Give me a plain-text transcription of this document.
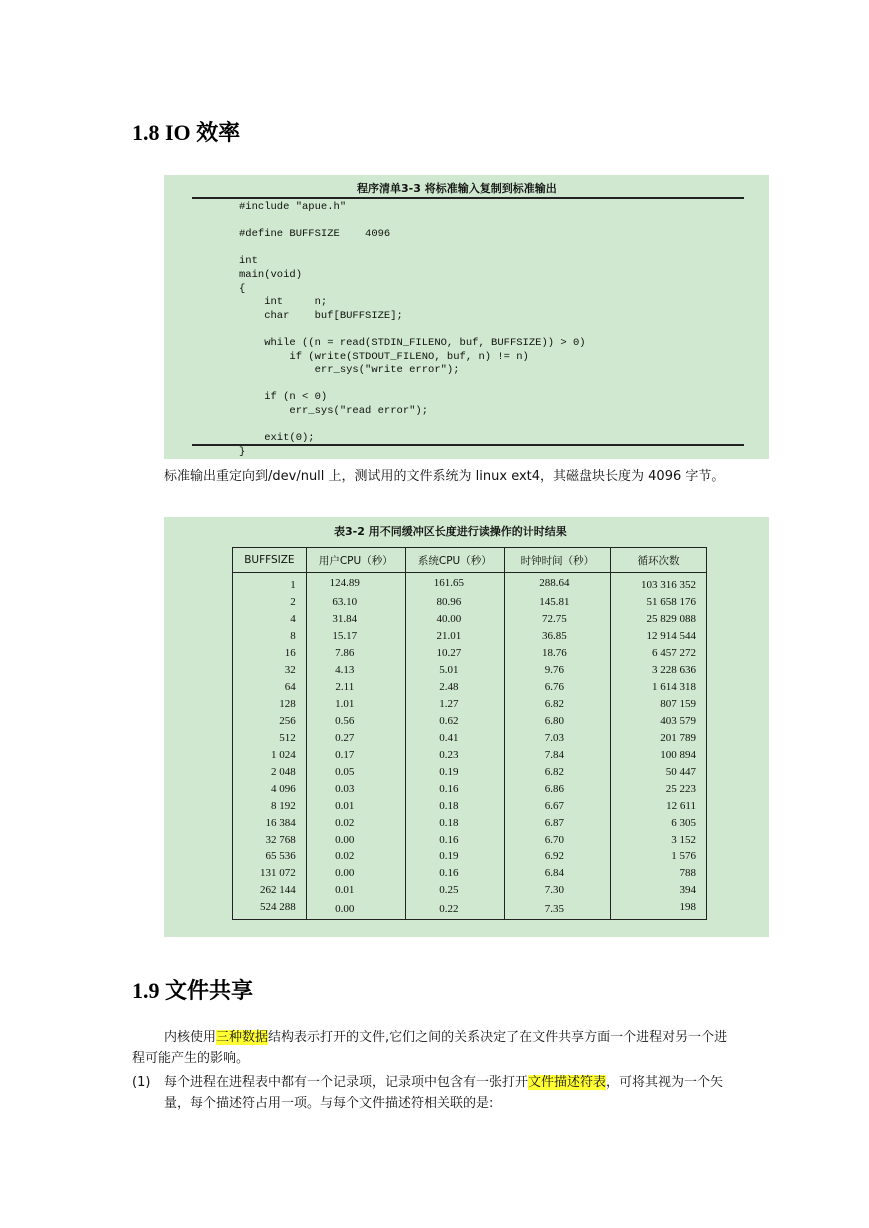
1.8 IO 效率
程序清单3-3 将标准输入复制到标准输出
#include "apue.h"
#define BUFFSIZE    4096
int
main(void)
{
int     n;
char    buf[BUFFSIZE];
while ((n = read(STDIN_FILENO, buf, BUFFSIZE)) > 0)
if (write(STDOUT_FILENO, buf, n) != n)
err_sys("write error");
if (n < 0)
err_sys("read error");
exit(0);
}
标准输出重定向到/dev/null 上，测试用的文件系统为 linux ext4，其磁盘块长度为 4096 字节。
表3-2 用不同缓冲区长度进行读操作的计时结果
BUFFSIZE	用户CPU（秒）	系统CPU（秒）	时钟时间（秒）	循环次数
1	124.89	161.65	288.64	103 316 352
2	63.10	80.96	145.81	51 658 176
4	31.84	40.00	72.75	25 829 088
8	15.17	21.01	36.85	12 914 544
16	7.86	10.27	18.76	6 457 272
32	4.13	5.01	9.76	3 228 636
64	2.11	2.48	6.76	1 614 318
128	1.01	1.27	6.82	807 159
256	0.56	0.62	6.80	403 579
512	0.27	0.41	7.03	201 789
1 024	0.17	0.23	7.84	100 894
2 048	0.05	0.19	6.82	50 447
4 096	0.03	0.16	6.86	25 223
8 192	0.01	0.18	6.67	12 611
16 384	0.02	0.18	6.87	6 305
32 768	0.00	0.16	6.70	3 152
65 536	0.02	0.19	6.92	1 576
131 072	0.00	0.16	6.84	788
262 144	0.01	0.25	7.30	394
524 288	0.00	0.22	7.35	198
1.9 文件共享
内核使用三种数据结构表示打开的文件,它们之间的关系决定了在文件共享方面一个进程对另一个进程可能产生的影响。
(1)	每个进程在进程表中都有一个记录项，记录项中包含有一张打开文件描述符表，可将其视为一个矢量，每个描述符占用一项。与每个文件描述符相关联的是:
